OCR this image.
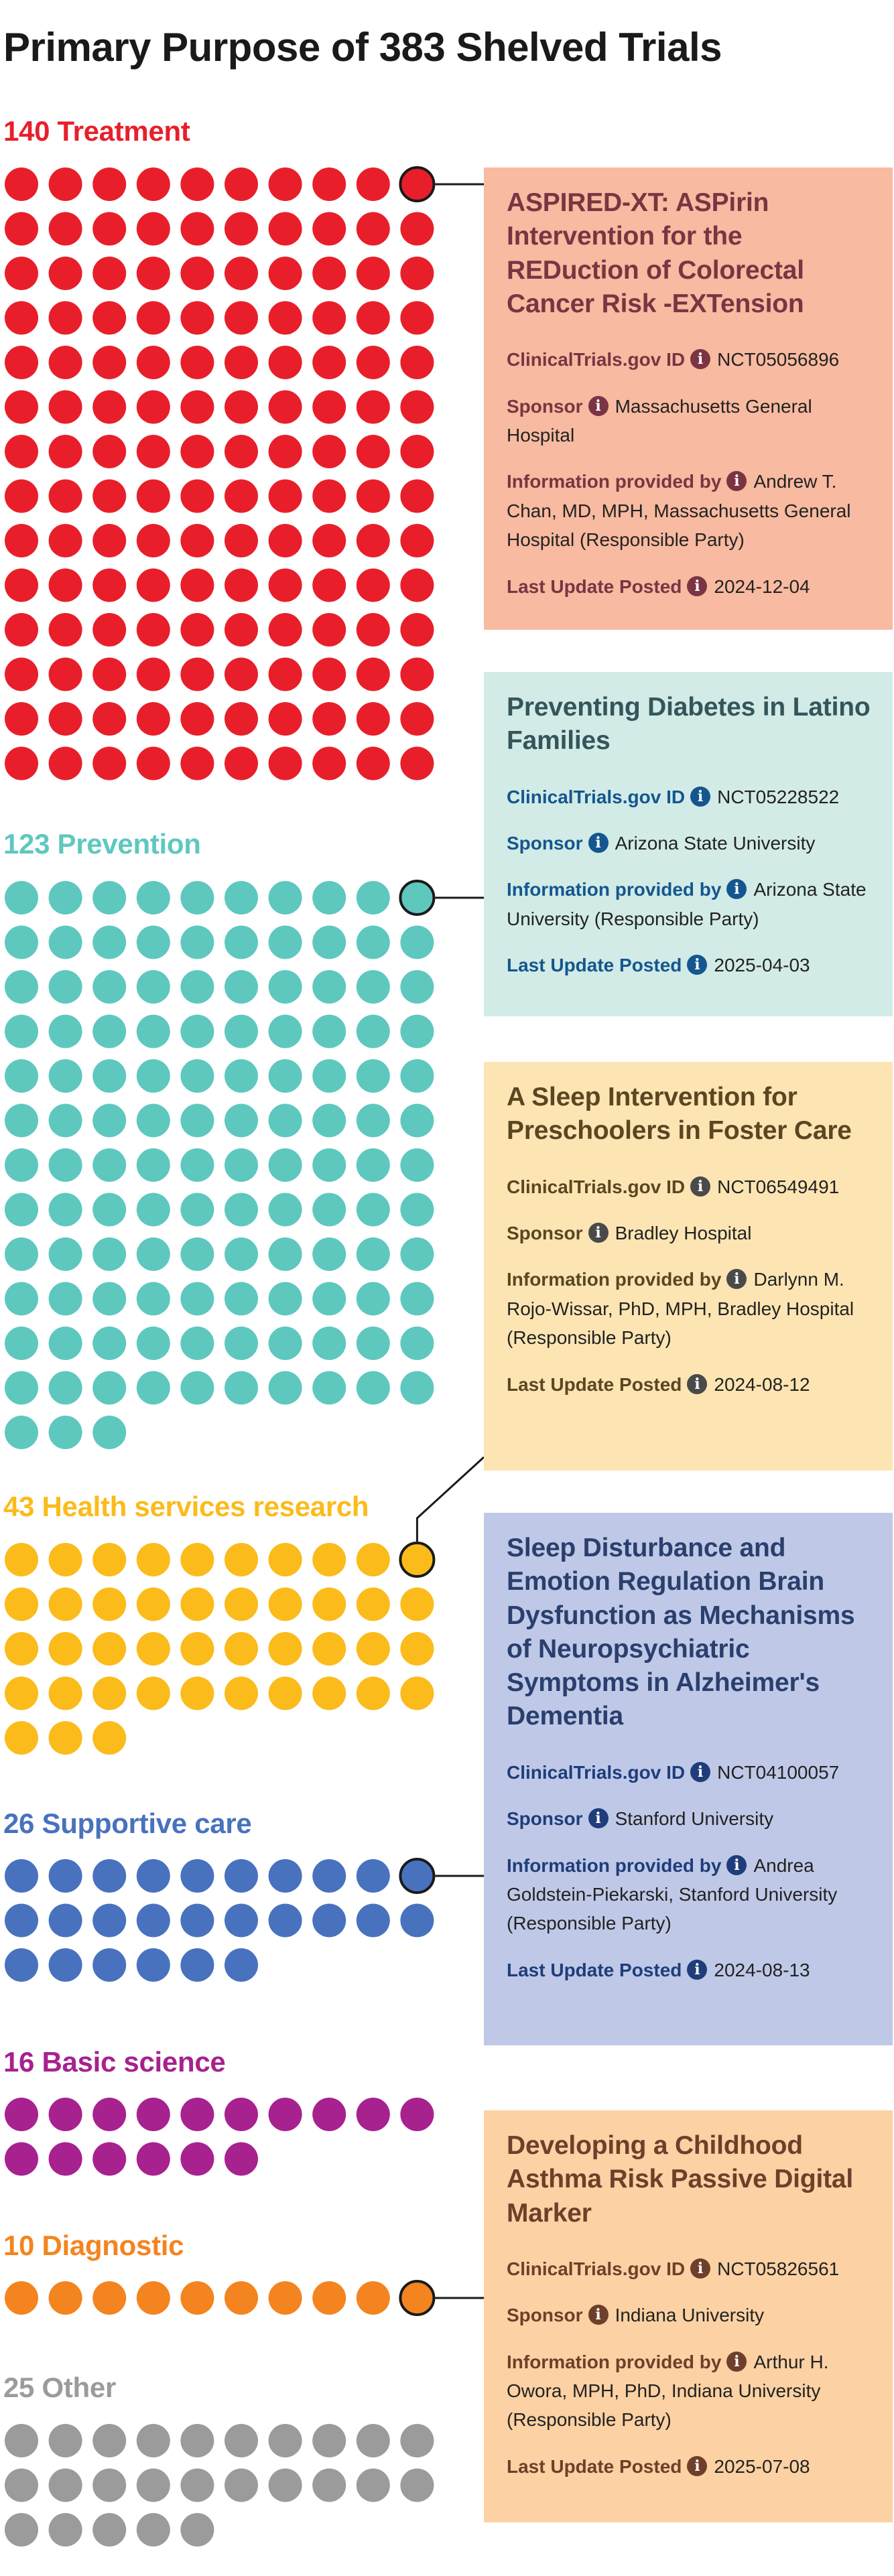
Primary Purpose of 383 Shelved Trials
140 Treatment
123 Prevention
43 Health services research
26 Supportive care
16 Basic science
10 Diagnostic
25 Other
ASPIRED-XT: ASPirin Intervention for the REDuction of Colorectal Cancer Risk -EXTension

ClinicalTrials.gov ID i NCT05056896

Sponsor i Massachusetts General Hospital

Information provided by i Andrew T. Chan, MD, MPH, Massachusetts General Hospital (Responsible Party)

Last Update Posted i 2024-12-04

Preventing Diabetes in Latino Families

ClinicalTrials.gov ID i NCT05228522

Sponsor i Arizona State University

Information provided by i Arizona State University (Responsible Party)

Last Update Posted i 2025-04-03

A Sleep Intervention for Preschoolers in Foster Care

ClinicalTrials.gov ID i NCT06549491

Sponsor i Bradley Hospital

Information provided by i Darlynn M. Rojo-Wissar, PhD, MPH, Bradley Hospital (Responsible Party)

Last Update Posted i 2024-08-12

Sleep Disturbance and Emotion Regulation Brain Dysfunction as Mechanisms of Neuropsychiatric Symptoms in Alzheimer's Dementia

ClinicalTrials.gov ID i NCT04100057

Sponsor i Stanford University

Information provided by i Andrea Goldstein-Piekarski, Stanford University (Responsible Party)

Last Update Posted i 2024-08-13

Developing a Childhood Asthma Risk Passive Digital Marker

ClinicalTrials.gov ID i NCT05826561

Sponsor i Indiana University

Information provided by i Arthur H. Owora, MPH, PhD, Indiana University (Responsible Party)

Last Update Posted i 2025-07-08
